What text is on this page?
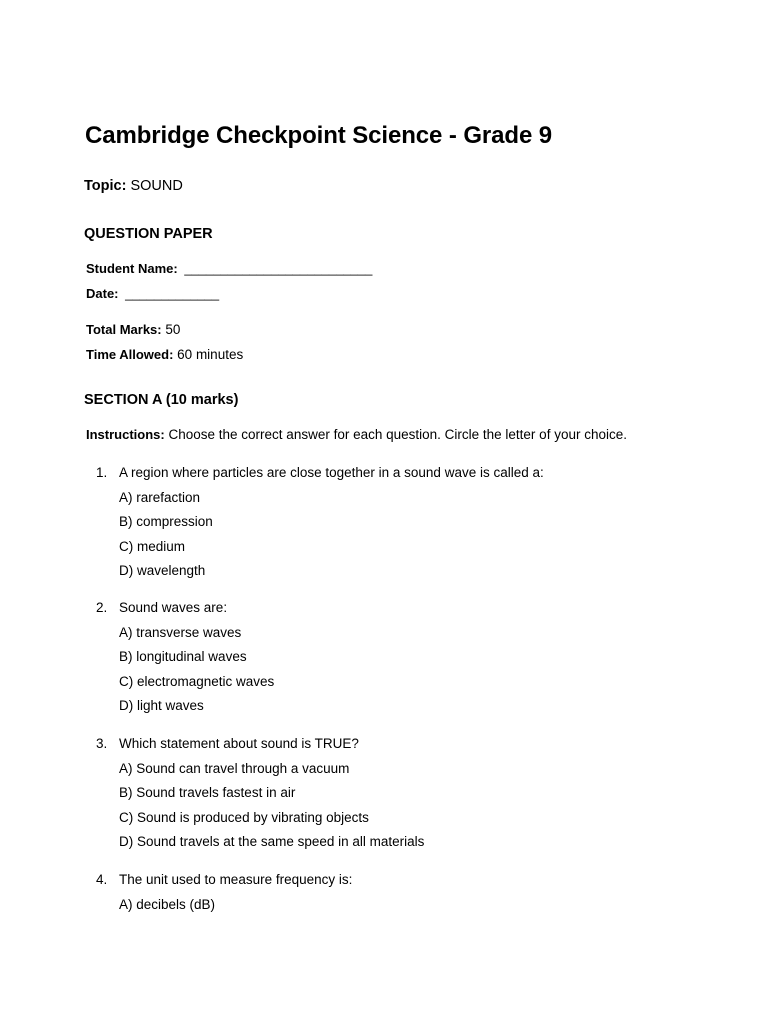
Cambridge Checkpoint Science - Grade 9
Topic: SOUND
QUESTION PAPER
Student Name: __________________________
Date: _____________
Total Marks: 50
Time Allowed: 60 minutes
SECTION A (10 marks)
Instructions: Choose the correct answer for each question. Circle the letter of your choice.
1. A region where particles are close together in a sound wave is called a:
A) rarefaction
B) compression
C) medium
D) wavelength
2. Sound waves are:
A) transverse waves
B) longitudinal waves
C) electromagnetic waves
D) light waves
3. Which statement about sound is TRUE?
A) Sound can travel through a vacuum
B) Sound travels fastest in air
C) Sound is produced by vibrating objects
D) Sound travels at the same speed in all materials
4. The unit used to measure frequency is:
A) decibels (dB)
